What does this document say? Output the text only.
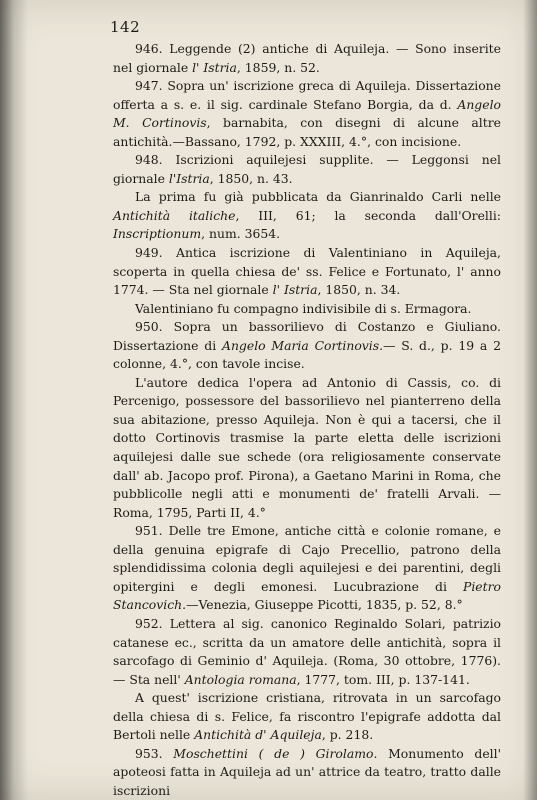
142

946. Leggende (2) antiche di Aquileja. — Sono inserite nel giornale l' Istria, 1859, n. 52.

947. Sopra un' iscrizione greca di Aquileja. Dissertazione offerta a s. e. il sig. cardinale Stefano Borgia, da d. Angelo M. Cortinovis, barnabita, con disegni di alcune altre antichità.—Bassano, 1792, p. XXXIII, 4.°, con incisione.

948. Iscrizioni aquilejesi supplite. — Leggonsi nel giornale l'Istria, 1850, n. 43.

La prima fu già pubblicata da Gianrinaldo Carli nelle Antichità italiche, III, 61; la seconda dall'Orelli: Inscriptionum, num. 3654.

949. Antica iscrizione di Valentiniano in Aquileja, scoperta in quella chiesa de' ss. Felice e Fortunato, l' anno 1774. — Sta nel giornale l' Istria, 1850, n. 34.

Valentiniano fu compagno indivisibile di s. Ermagora.

950. Sopra un bassorilievo di Costanzo e Giuliano. Dissertazione di Angelo Maria Cortinovis.— S. d., p. 19 a 2 colonne, 4.°, con tavole incise.

L'autore dedica l'opera ad Antonio di Cassis, co. di Percenigo, possessore del bassorilievo nel pianterreno della sua abitazione, presso Aquileja. Non è qui a tacersi, che il dotto Cortinovis trasmise la parte eletta delle iscrizioni aquilejesi dalle sue schede (ora religiosamente conservate dall' ab. Jacopo prof. Pirona), a Gaetano Marini in Roma, che pubblicolle negli atti e monumenti de' fratelli Arvali. — Roma, 1795, Parti II, 4.°

951. Delle tre Emone, antiche città e colonie romane, e della genuina epigrafe di Cajo Precellio, patrono della splendidissima colonia degli aquilejesi e dei parentini, degli opitergini e degli emonesi. Lucubrazione di Pietro Stancovich.—Venezia, Giuseppe Picotti, 1835, p. 52, 8.°

952. Lettera al sig. canonico Reginaldo Solari, patrizio catanese ec., scritta da un amatore delle antichità, sopra il sarcofago di Geminio d' Aquileja. (Roma, 30 ottobre, 1776). — Sta nell' Antologia romana, 1777, tom. III, p. 137-141.

A quest' iscrizione cristiana, ritrovata in un sarcofago della chiesa di s. Felice, fa riscontro l'epigrafe addotta dal Bertoli nelle Antichità d' Aquileja, p. 218.

953. Moschettini ( de ) Girolamo. Monumento dell' apoteosi fatta in Aquileja ad un' attrice da teatro, tratto dalle iscrizioni
